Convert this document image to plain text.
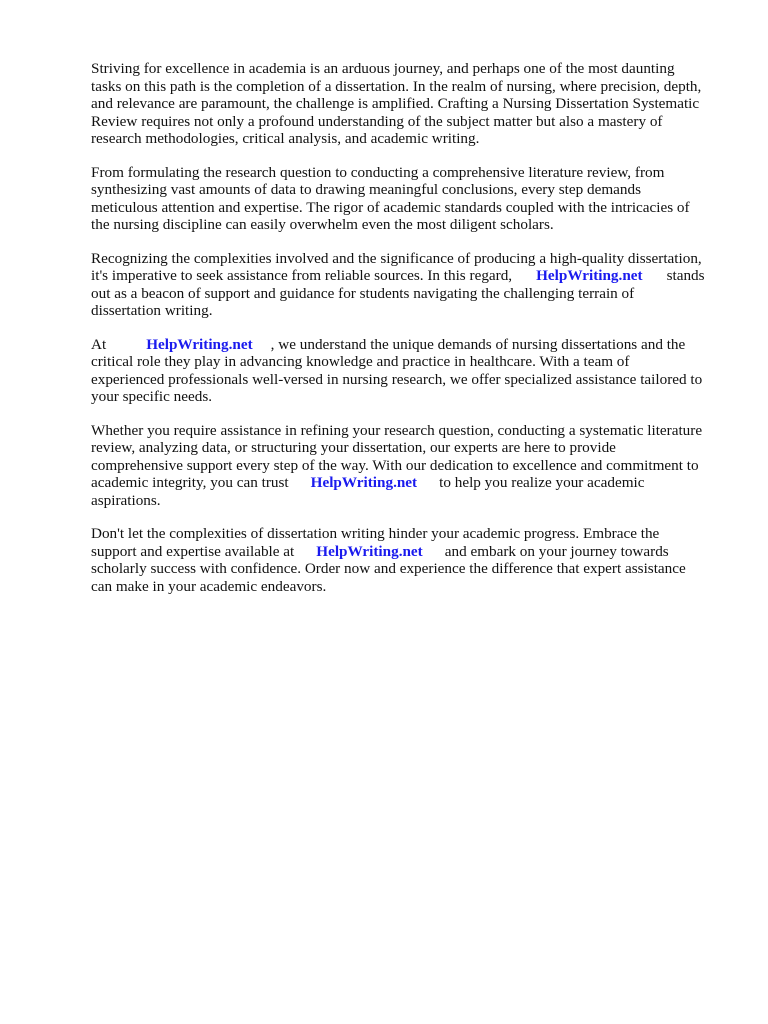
Striving for excellence in academia is an arduous journey, and perhaps one of the most daunting
tasks on this path is the completion of a dissertation. In the realm of nursing, where precision, depth,
and relevance are paramount, the challenge is amplified. Crafting a Nursing Dissertation Systematic
Review requires not only a profound understanding of the subject matter but also a mastery of
research methodologies, critical analysis, and academic writing.

From formulating the research question to conducting a comprehensive literature review, from
synthesizing vast amounts of data to drawing meaningful conclusions, every step demands
meticulous attention and expertise. The rigor of academic standards coupled with the intricacies of
the nursing discipline can easily overwhelm even the most diligent scholars.

Recognizing the complexities involved and the significance of producing a high-quality dissertation,
it's imperative to seek assistance from reliable sources. In this regard, HelpWriting.net stands
out as a beacon of support and guidance for students navigating the challenging terrain of
dissertation writing.

At	HelpWriting.net , we understand the unique demands of nursing dissertations and the
critical role they play in advancing knowledge and practice in healthcare. With a team of
experienced professionals well-versed in nursing research, we offer specialized assistance tailored to
your specific needs.

Whether you require assistance in refining your research question, conducting a systematic literature
review, analyzing data, or structuring your dissertation, our experts are here to provide
comprehensive support every step of the way. With our dedication to excellence and commitment to
academic integrity, you can trust HelpWriting.net to help you realize your academic
aspirations.

Don't let the complexities of dissertation writing hinder your academic progress. Embrace the
support and expertise available at HelpWriting.net and embark on your journey towards
scholarly success with confidence. Order now and experience the difference that expert assistance
can make in your academic endeavors.
